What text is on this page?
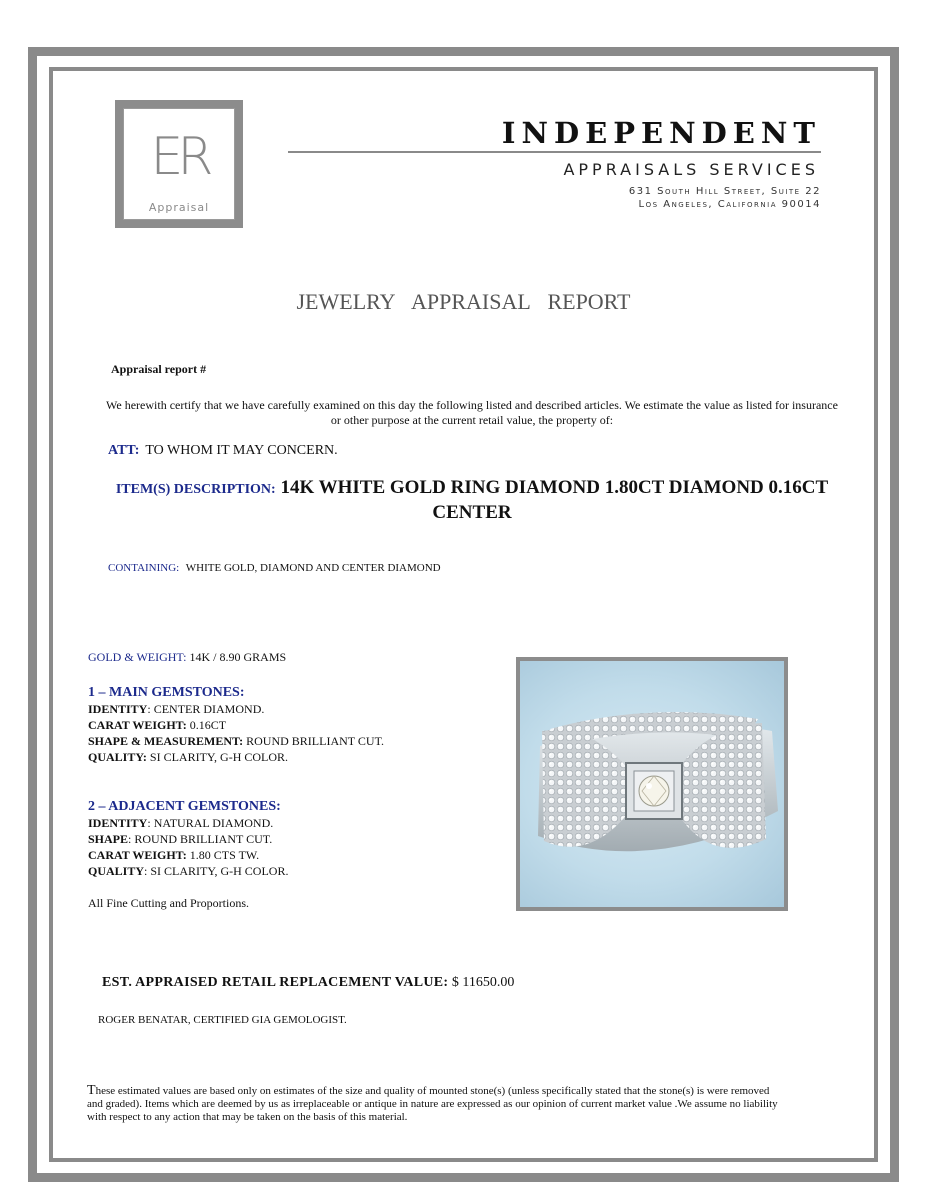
ER
Appraisal
INDEPENDENT
APPRAISALS SERVICES
631 South Hill Street, Suite 22
Los Angeles, California 90014
JEWELRY APPRAISAL REPORT
Appraisal report #
We herewith certify that we have carefully examined on this day the following listed and described articles. We estimate the value as listed for insurance or other purpose at the current retail value, the property of:
ATT: TO WHOM IT MAY CONCERN.
ITEM(S) DESCRIPTION: 14K WHITE GOLD RING DIAMOND 1.80CT DIAMOND 0.16CT CENTER
CONTAINING: WHITE GOLD, DIAMOND AND CENTER DIAMOND
GOLD & WEIGHT: 14K / 8.90 GRAMS
1 – MAIN GEMSTONES:
IDENTITY: CENTER DIAMOND.
CARAT WEIGHT: 0.16CT
SHAPE & MEASUREMENT: ROUND BRILLIANT CUT.
QUALITY: SI CLARITY, G-H COLOR.
2 – ADJACENT GEMSTONES:
IDENTITY: NATURAL DIAMOND.
SHAPE: ROUND BRILLIANT CUT.
CARAT WEIGHT: 1.80 CTS TW.
QUALITY: SI CLARITY, G-H COLOR.
All Fine Cutting and Proportions.
EST. APPRAISED RETAIL REPLACEMENT VALUE: $ 11650.00
ROGER BENATAR, CERTIFIED GIA GEMOLOGIST.
These estimated values are based only on estimates of the size and quality of mounted stone(s) (unless specifically stated that the stone(s) is were removed and graded). Items which are deemed by us as irreplaceable or antique in nature are expressed as our opinion of current market value .We assume no liability with respect to any action that may be taken on the basis of this material.
